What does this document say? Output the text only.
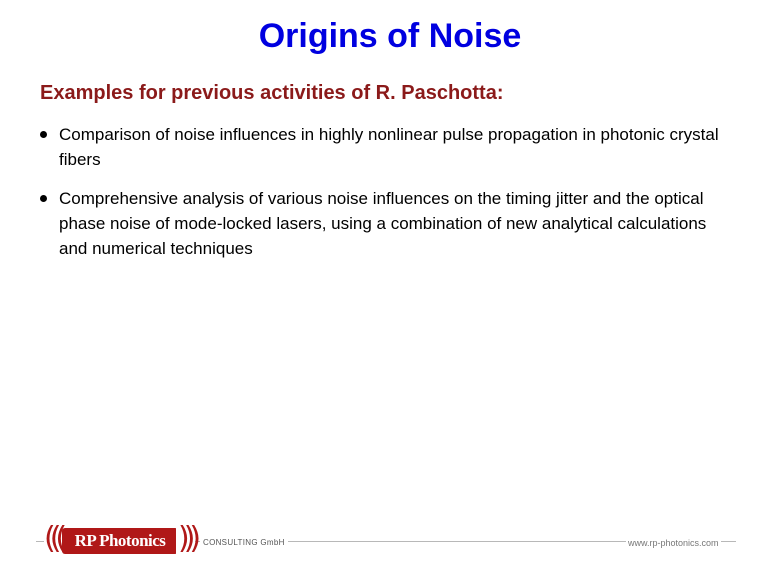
Origins of Noise
Examples for previous activities of R. Paschotta:
Comparison of noise influences in highly nonlinear pulse propagation in photonic crystal fibers
Comprehensive analysis of various noise influences on the timing jitter and the optical phase noise of mode-locked lasers, using a combination of new analytical calculations and numerical techniques
((( RP Photonics ))) CONSULTING GmbH	www.rp-photonics.com
